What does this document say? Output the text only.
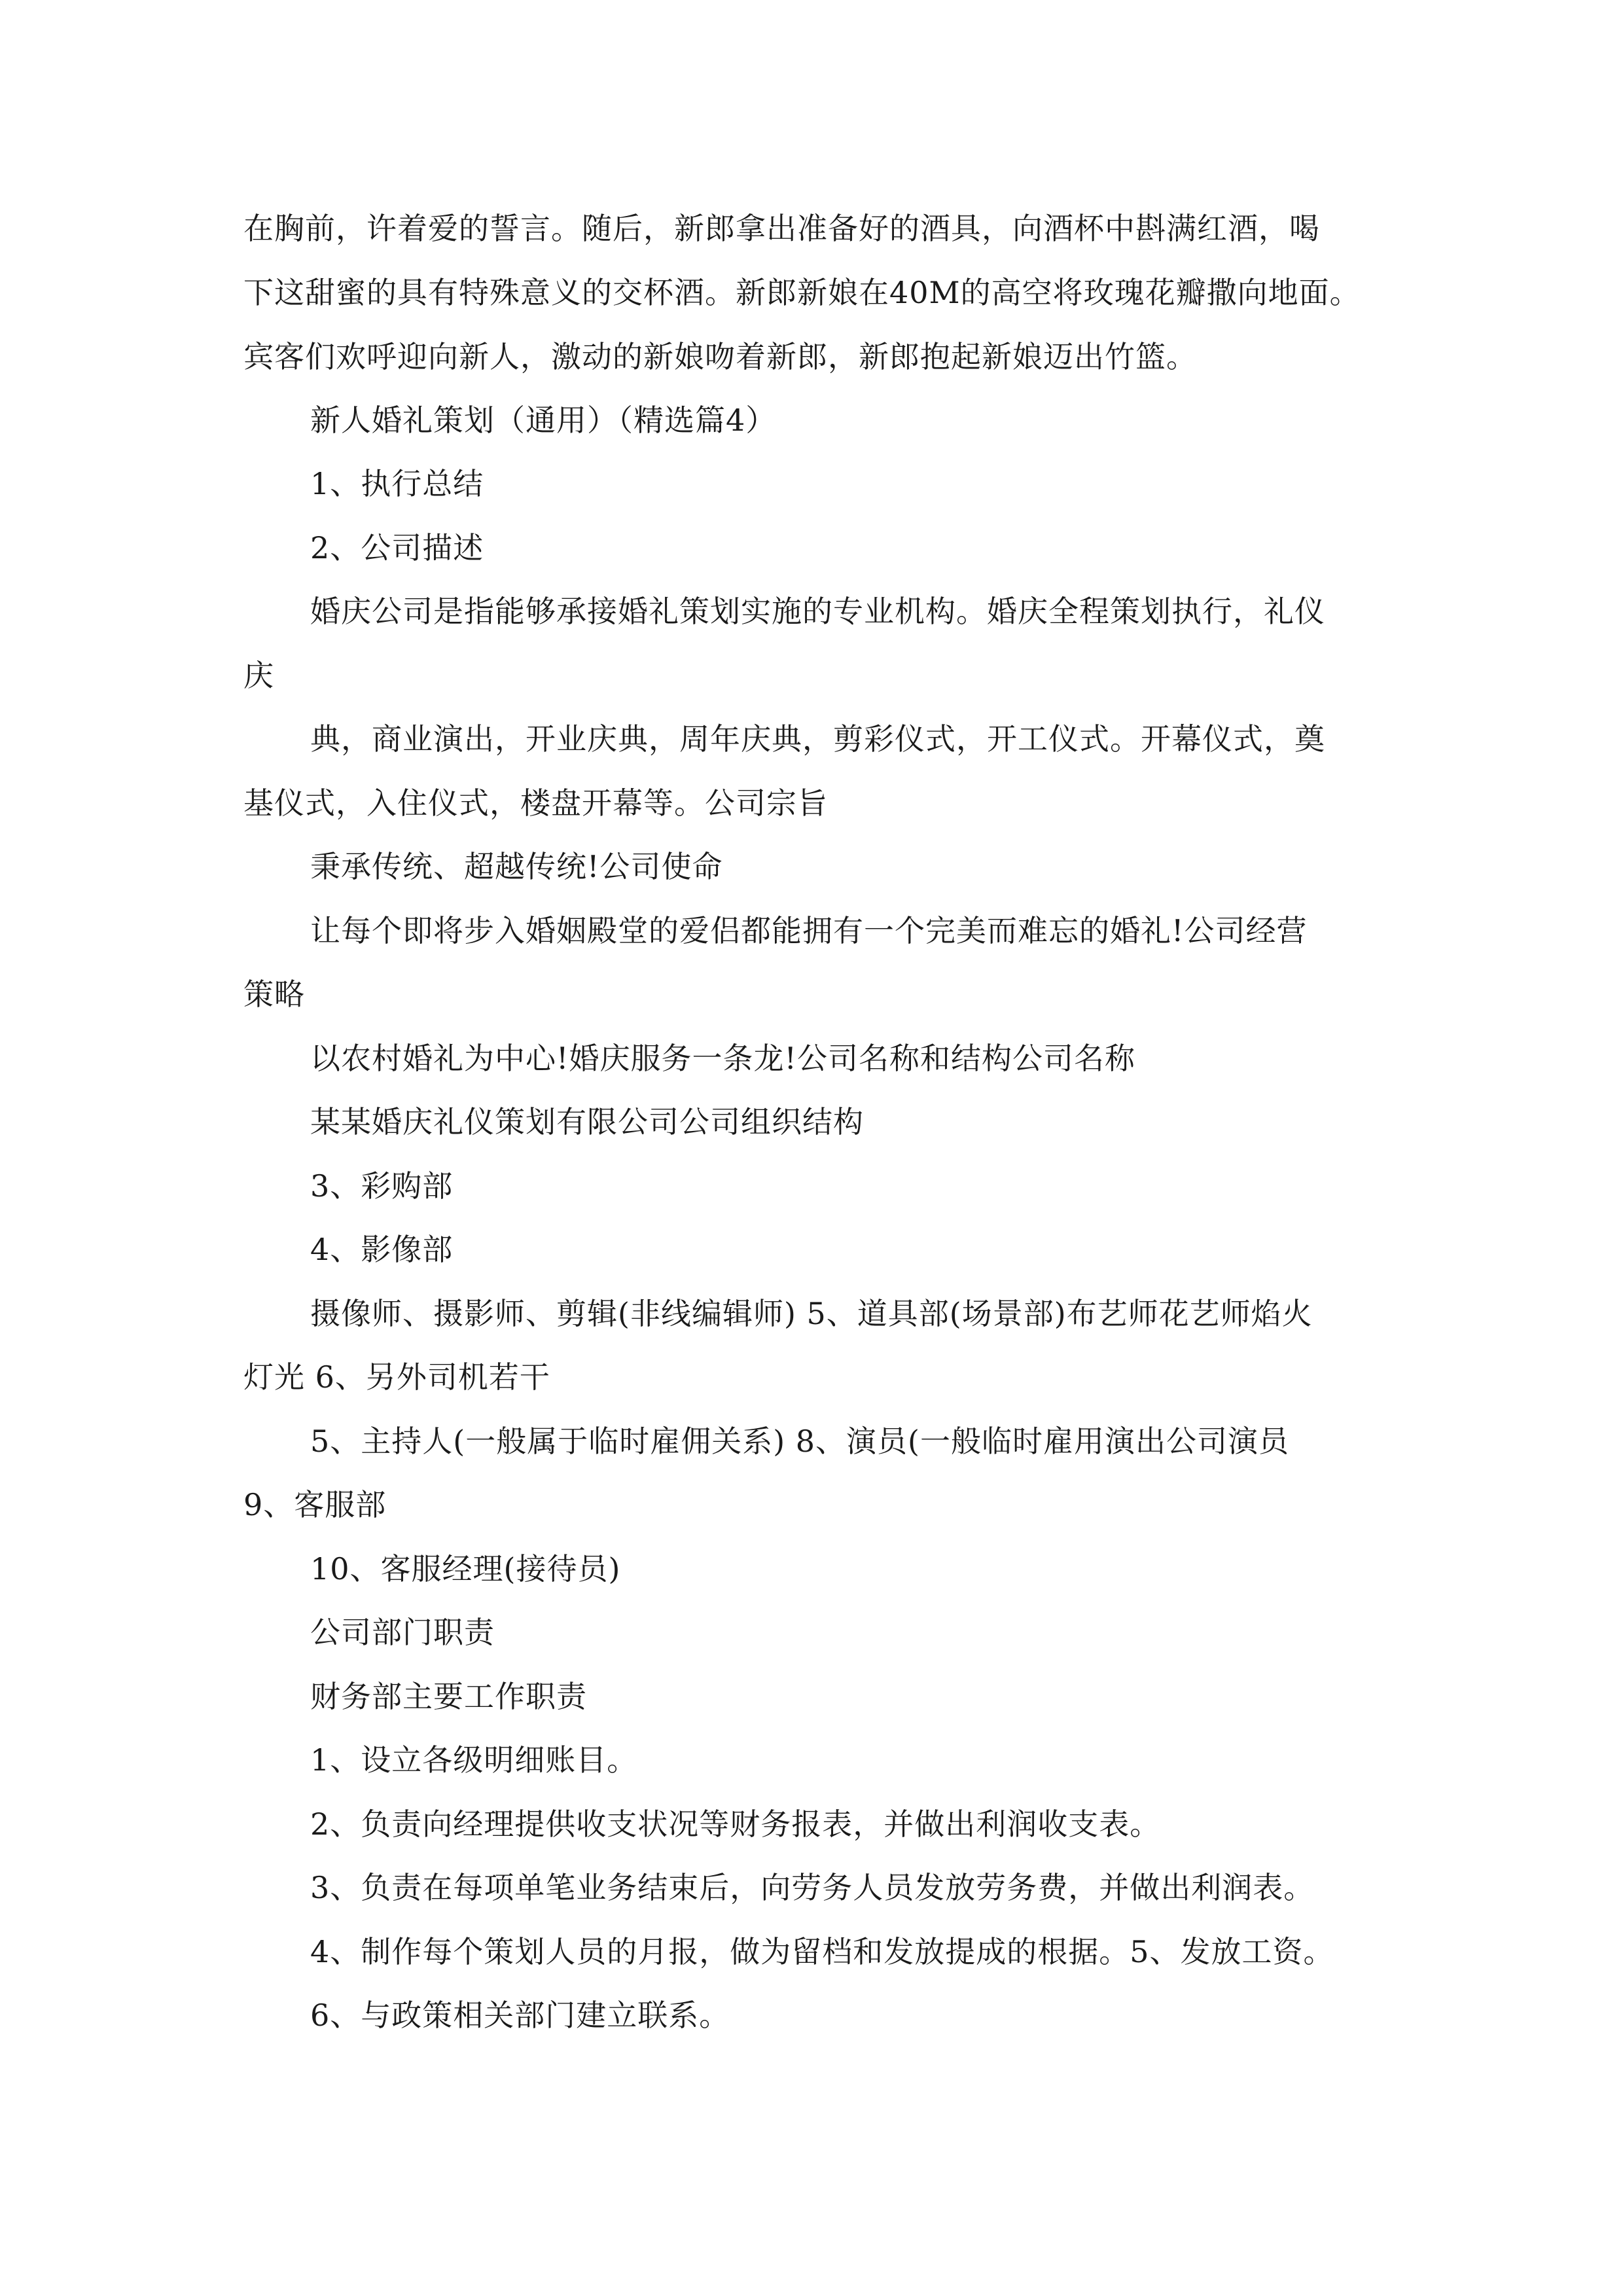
在胸前，许着爱的誓言。随后，新郎拿出准备好的酒具，向酒杯中斟满红酒，喝

下这甜蜜的具有特殊意义的交杯酒。新郎新娘在40M的高空将玫瑰花瓣撒向地面。

宾客们欢呼迎向新人，激动的新娘吻着新郎，新郎抱起新娘迈出竹篮。

新人婚礼策划（通用）（精选篇4）

1、执行总结

2、公司描述

婚庆公司是指能够承接婚礼策划实施的专业机构。婚庆全程策划执行，礼仪

庆

典，商业演出，开业庆典，周年庆典，剪彩仪式，开工仪式。开幕仪式，奠

基仪式，入住仪式，楼盘开幕等。公司宗旨

秉承传统、超越传统!公司使命

让每个即将步入婚姻殿堂的爱侣都能拥有一个完美而难忘的婚礼!公司经营

策略

以农村婚礼为中心!婚庆服务一条龙!公司名称和结构公司名称

某某婚庆礼仪策划有限公司公司组织结构

3、彩购部

4、影像部

摄像师、摄影师、剪辑(非线编辑师) 5、道具部(场景部)布艺师花艺师焰火

灯光 6、另外司机若干

5、主持人(一般属于临时雇佣关系) 8、演员(一般临时雇用演出公司演员

9、客服部

10、客服经理(接待员)

公司部门职责

财务部主要工作职责

1、设立各级明细账目。

2、负责向经理提供收支状况等财务报表，并做出利润收支表。

3、负责在每项单笔业务结束后，向劳务人员发放劳务费，并做出利润表。

4、制作每个策划人员的月报，做为留档和发放提成的根据。5、发放工资。

6、与政策相关部门建立联系。
